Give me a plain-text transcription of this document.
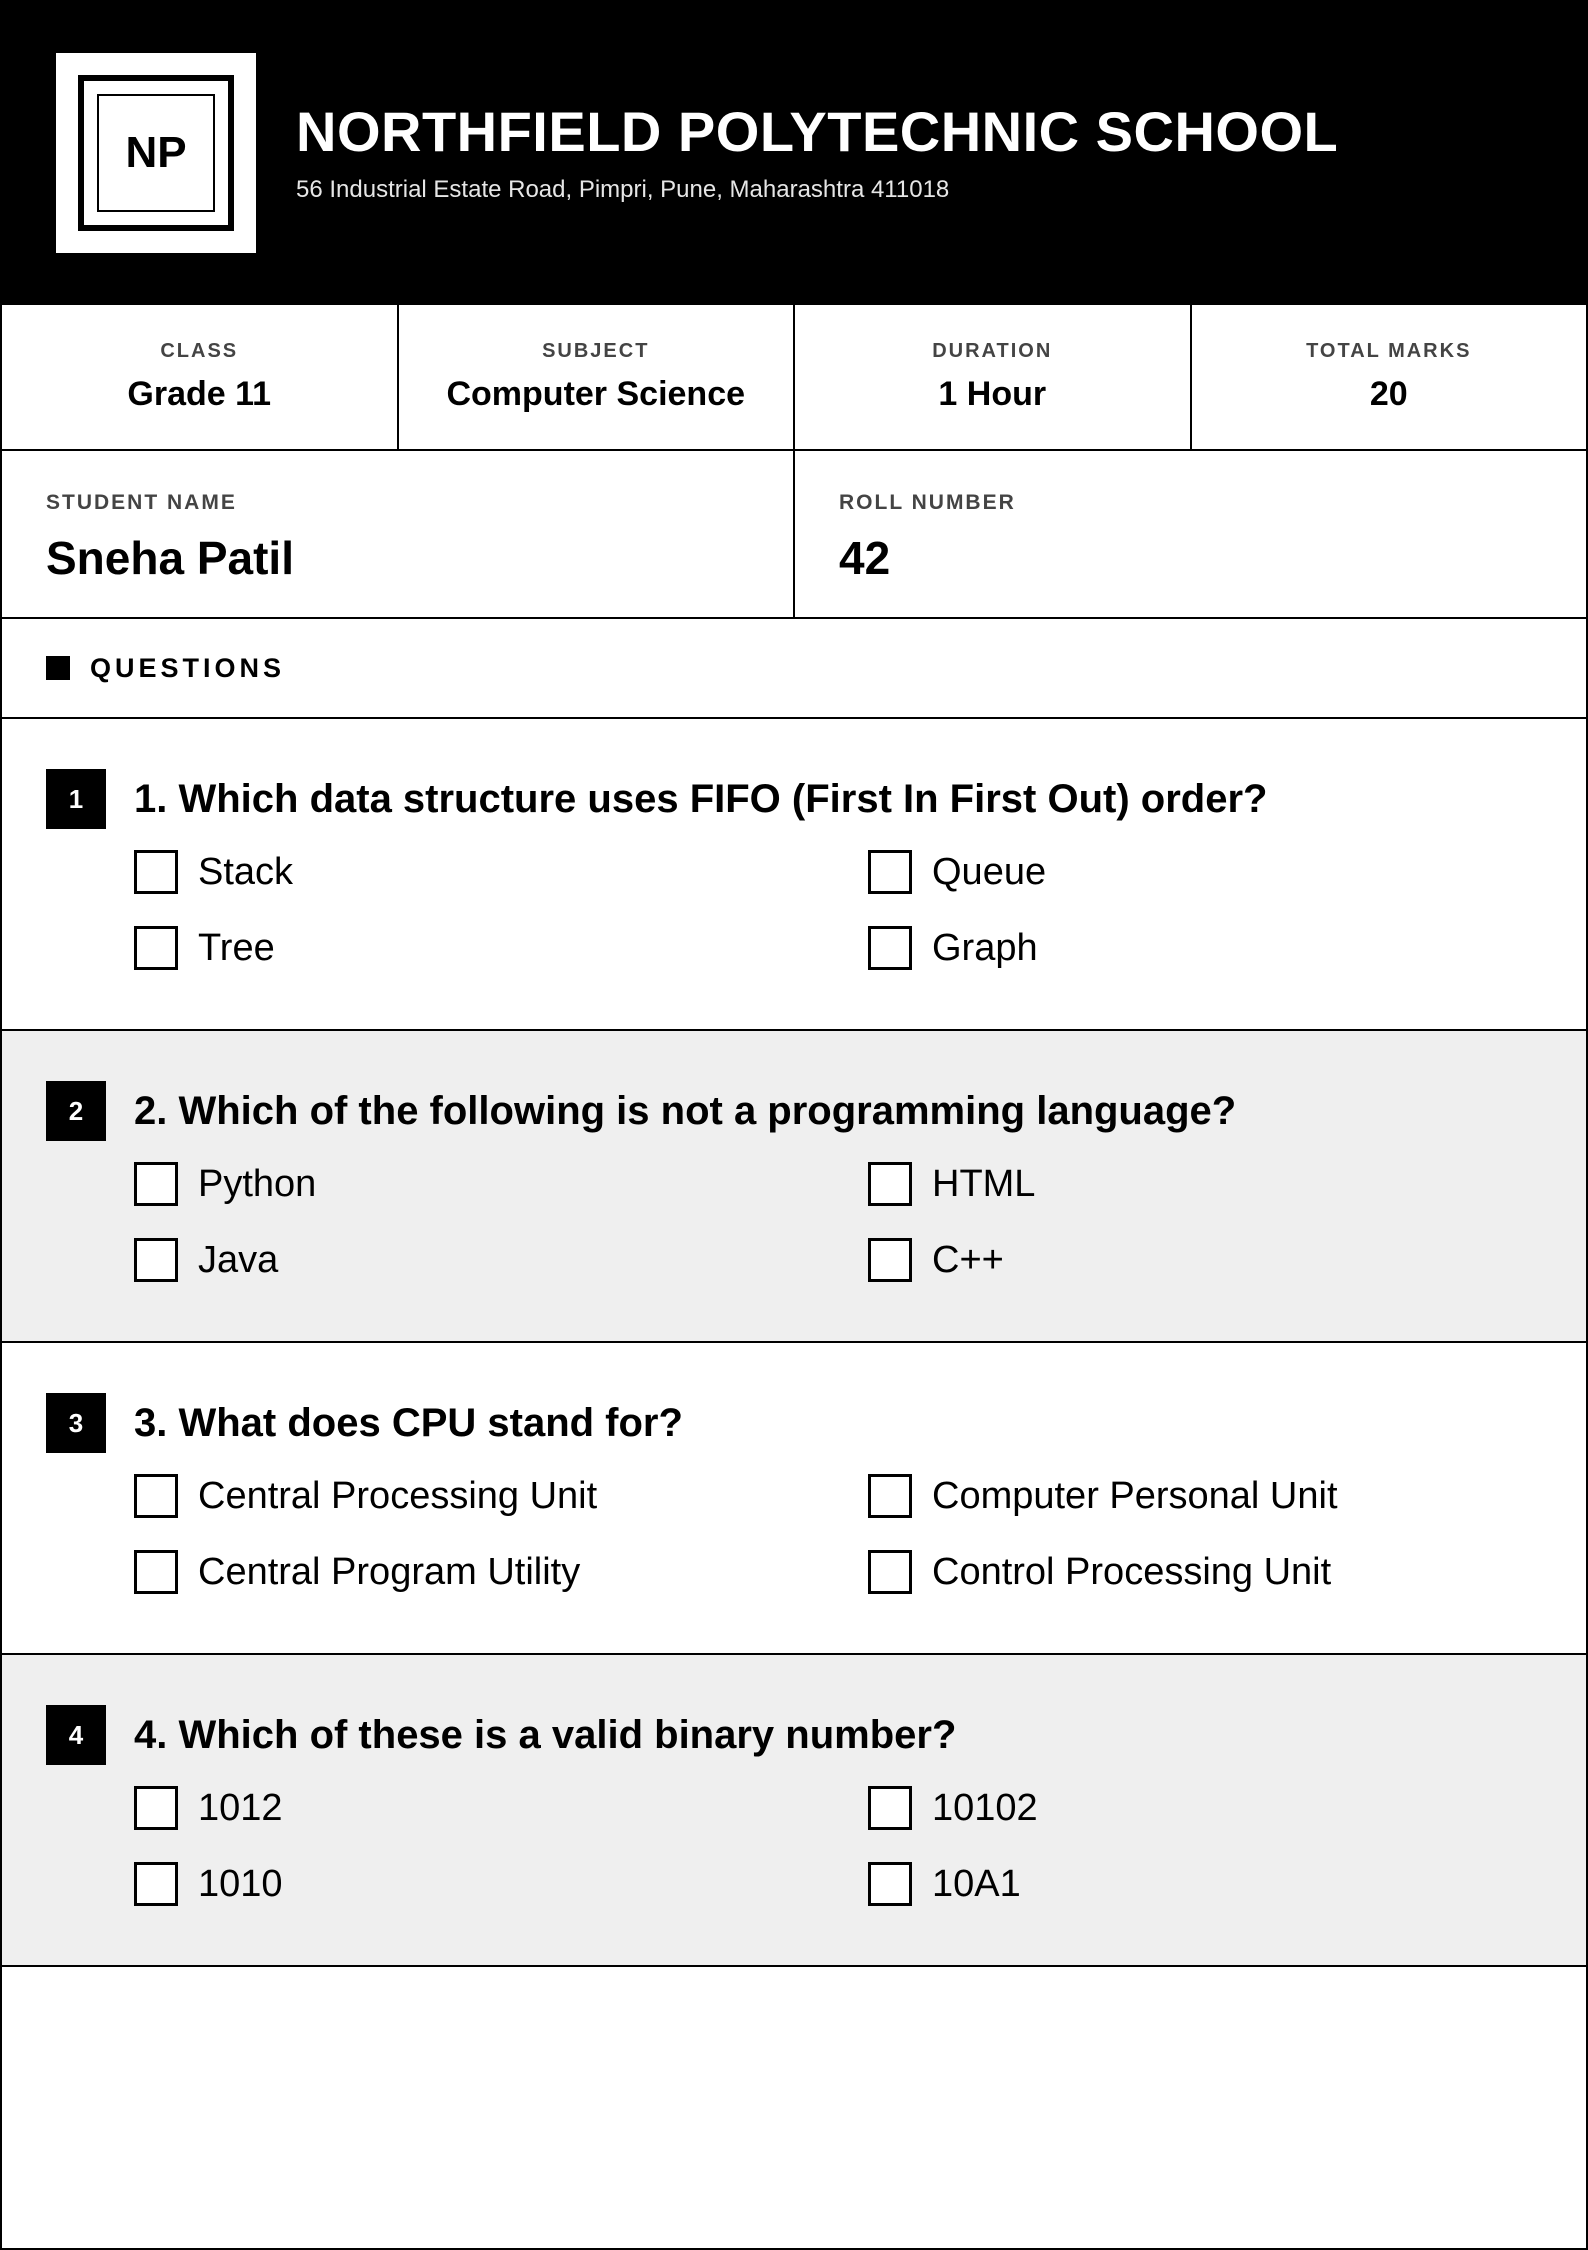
NP	NORTHFIELD POLYTECHNIC SCHOOL
56 Industrial Estate Road, Pimpri, Pune, Maharashtra 411018
CLASS
Grade 11
SUBJECT
Computer Science
DURATION
1 Hour
TOTAL MARKS
20
STUDENT NAME
Sneha Patil
ROLL NUMBER
42
QUESTIONS
1	1. Which data structure uses FIFO (First In First Out) order?
Stack	Queue
Tree	Graph
2	2. Which of the following is not a programming language?
Python	HTML
Java	C++
3	3. What does CPU stand for?
Central Processing Unit	Computer Personal Unit
Central Program Utility	Control Processing Unit
4	4. Which of these is a valid binary number?
1012	10102
1010	10A1
